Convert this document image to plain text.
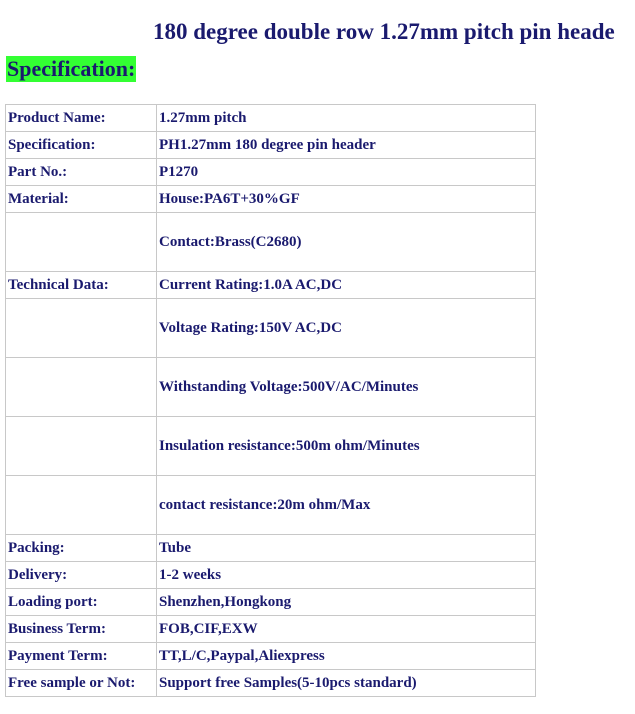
180 degree double row 1.27mm pitch pin heade
Specification:
Product Name:	1.27mm pitch
Specification:	PH1.27mm 180 degree pin header
Part No.:	P1270
Material:	House:PA6T+30%GF
	Contact:Brass(C2680)
Technical Data:	Current Rating:1.0A AC,DC
	Voltage Rating:150V AC,DC
	Withstanding Voltage:500V/AC/Minutes
	Insulation resistance:500m ohm/Minutes
	contact resistance:20m ohm/Max
Packing:	Tube
Delivery:	1-2 weeks
Loading port:	Shenzhen,Hongkong
Business Term:	FOB,CIF,EXW
Payment Term:	TT,L/C,Paypal,Aliexpress
Free sample or Not:	Support free Samples(5-10pcs standard)
